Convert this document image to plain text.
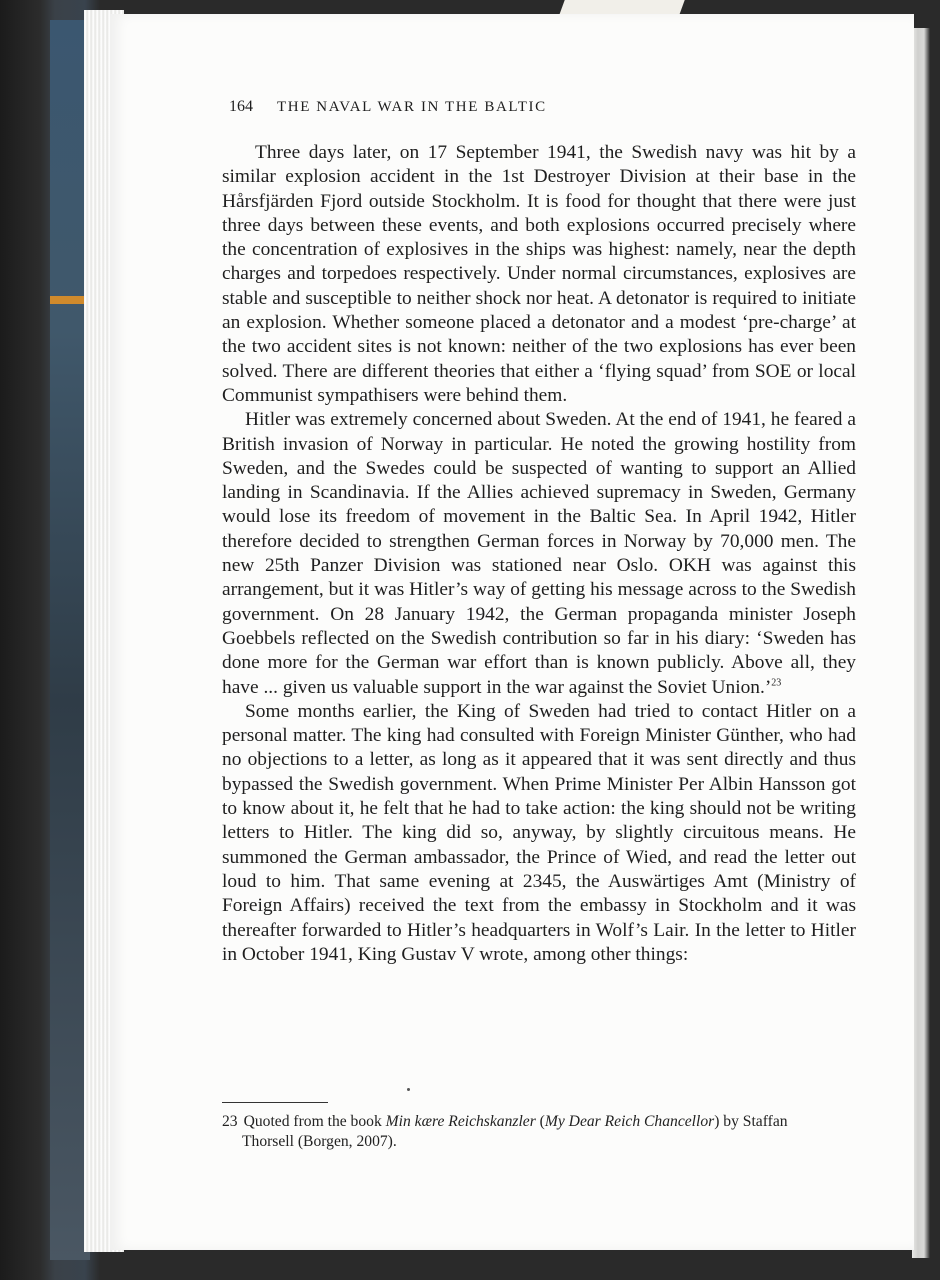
164 THE NAVAL WAR IN THE BALTIC

Three days later, on 17 September 1941, the Swedish navy was hit by a similar explosion accident in the 1st Destroyer Division at their base in the Hårsfjärden Fjord outside Stockholm. It is food for thought that there were just three days between these events, and both explosions occurred precisely where the concentration of explosives in the ships was highest: namely, near the depth charges and torpedoes respectively. Under normal circumstances, explosives are stable and susceptible to neither shock nor heat. A detonator is required to initiate an explosion. Whether someone placed a detonator and a modest ‘pre-charge’ at the two accident sites is not known: neither of the two explosions has ever been solved. There are different theories that either a ‘flying squad’ from SOE or local Communist sympathisers were behind them.

Hitler was extremely concerned about Sweden. At the end of 1941, he feared a British invasion of Norway in particular. He noted the growing hostility from Sweden, and the Swedes could be suspected of wanting to support an Allied landing in Scandinavia. If the Allies achieved supremacy in Sweden, Germany would lose its freedom of movement in the Baltic Sea. In April 1942, Hitler therefore decided to strengthen German forces in Norway by 70,000 men. The new 25th Panzer Division was stationed near Oslo. OKH was against this arrangement, but it was Hitler’s way of getting his message across to the Swedish government. On 28 January 1942, the German propaganda minister Joseph Goebbels reflected on the Swedish contribution so far in his diary: ‘Sweden has done more for the German war effort than is known publicly. Above all, they have ... given us valuable support in the war against the Soviet Union.’$^{23}$

Some months earlier, the King of Sweden had tried to contact Hitler on a personal matter. The king had consulted with Foreign Minister Günther, who had no objections to a letter, as long as it appeared that it was sent directly and thus bypassed the Swedish government. When Prime Minister Per Albin Hansson got to know about it, he felt that he had to take action: the king should not be writing letters to Hitler. The king did so, anyway, by slightly circuitous means. He summoned the German ambassador, the Prince of Wied, and read the letter out loud to him. That same evening at 2345, the Auswärtiges Amt (Ministry of Foreign Affairs) received the text from the embassy in Stockholm and it was thereafter forwarded to Hitler’s headquarters in Wolf’s Lair. In the letter to Hitler in October 1941, King Gustav V wrote, among other things:

23 Quoted from the book Min kære Reichskanzler (My Dear Reich Chancellor) by Staffan
Thorsell (Borgen, 2007).
